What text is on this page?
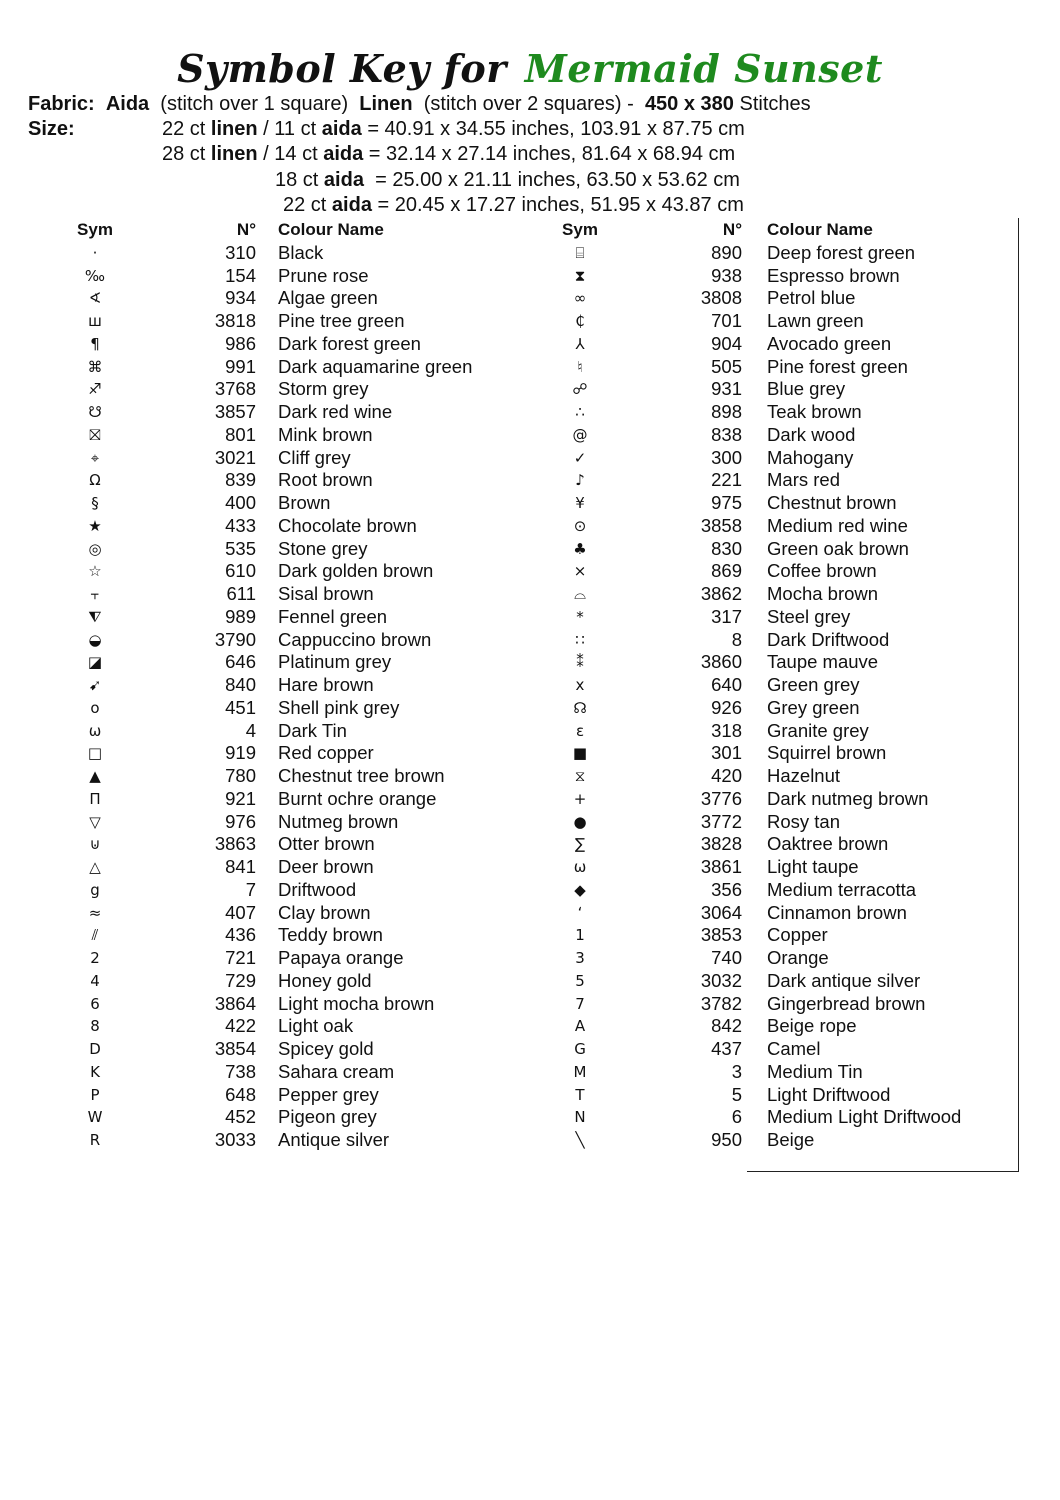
Symbol Key for Mermaid Sunset
Fabric: Aida (stitch over 1 square) Linen (stitch over 2 squares) - 450 x 380 Stitches
Size:	22 ct linen / 11 ct aida = 40.91 x 34.55 inches, 103.91 x 87.75 cm
28 ct linen / 14 ct aida = 32.14 x 27.14 inches, 81.64 x 68.94 cm
18 ct aida = 25.00 x 21.11 inches, 63.50 x 53.62 cm
22 ct aida = 20.45 x 17.27 inches, 51.95 x 43.87 cm
Sym	N° Colour Name
·	310 Black
‰	154 Prune rose
∢	934 Algae green
ш	3818 Pine tree green
¶	986 Dark forest green
⌘	991 Dark aquamarine green
♐	3768 Storm grey
☋	3857 Dark red wine
⛝	801 Mink brown
⌖	3021 Cliff grey
Ω	839 Root brown
§	400 Brown
★	433 Chocolate brown
◎	535 Stone grey
☆	610 Dark golden brown
⫟	611 Sisal brown
⧨	989 Fennel green
◒	3790 Cappuccino brown
◪	646 Platinum grey
➹	840 Hare brown
o	451 Shell pink grey
ω	4 Dark Tin
□	919 Red copper
▲	780 Chestnut tree brown
Π	921 Burnt ochre orange
▽	976 Nutmeg brown
⊍	3863 Otter brown
△	841 Deer brown
g	7 Driftwood
≈	407 Clay brown
⫽	436 Teddy brown
2	721 Papaya orange
4	729 Honey gold
6	3864 Light mocha brown
8	422 Light oak
D	3854 Spicey gold
K	738 Sahara cream
P	648 Pepper grey
W	452 Pigeon grey
R	3033 Antique silver
Sym	N° Colour Name
⌸	890 Deep forest green
⧗	938 Espresso brown
∞	3808 Petrol blue
₵	701 Lawn green
⅄	904 Avocado green
♮	505 Pine forest green
☍	931 Blue grey
∴	898 Teak brown
@	838 Dark wood
✓	300 Mahogany
♪	221 Mars red
¥	975 Chestnut brown
⊙	3858 Medium red wine
♣	830 Green oak brown
⨯	869 Coffee brown
⌓	3862 Mocha brown
*	317 Steel grey
∷	8 Dark Driftwood
⁑	3860 Taupe mauve
x	640 Green grey
☊	926 Grey green
ε	318 Granite grey
■	301 Squirrel brown
⧖	420 Hazelnut
+	3776 Dark nutmeg brown
●	3772 Rosy tan
∑	3828 Oaktree brown
ω	3861 Light taupe
◆	356 Medium terracotta
ʻ	3064 Cinnamon brown
1	3853 Copper
3	740 Orange
5	3032 Dark antique silver
7	3782 Gingerbread brown
A	842 Beige rope
G	437 Camel
M	3 Medium Tin
T	5 Light Driftwood
N	6 Medium Light Driftwood
╲	950 Beige
